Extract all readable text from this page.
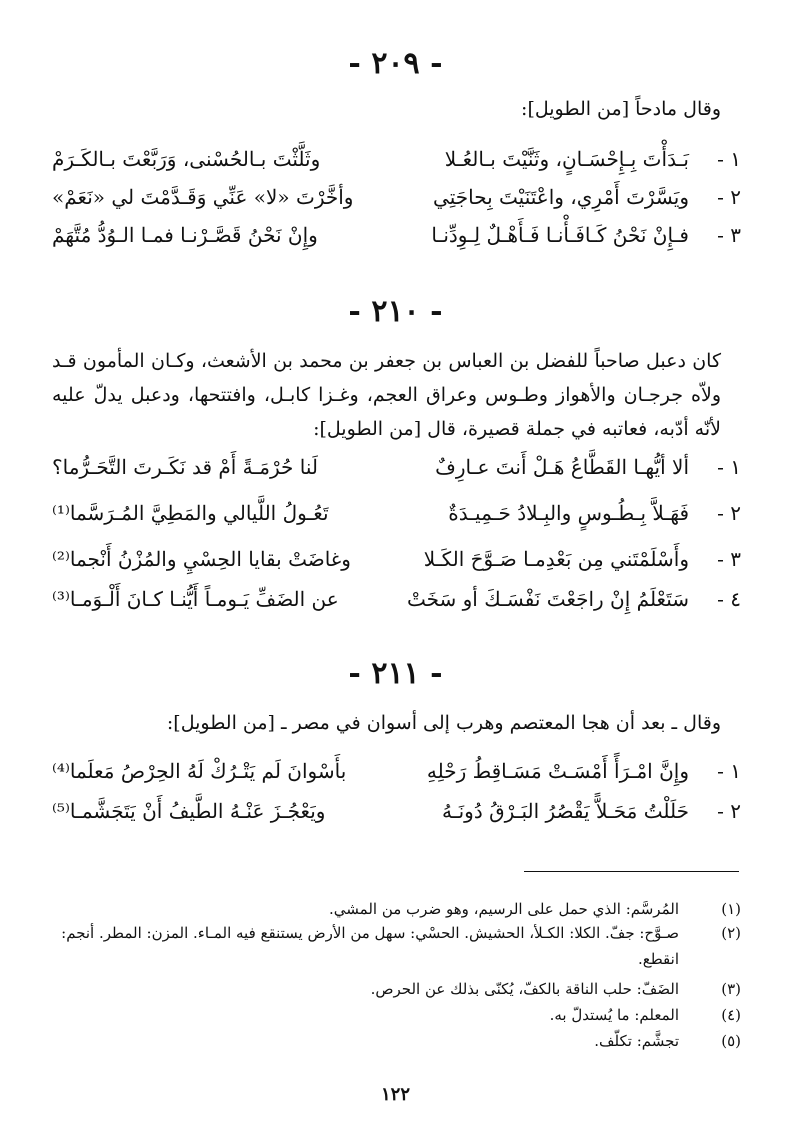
- ٢٠٩ -
وقال مادحاً [من الطويل]:
١ -
بَـدَأْتَ بِـإِحْسَـانٍ، وثَنَّيْتَ بـالعُـلا
وثَلَّثْتَ بـالحُسْنى، وَرَبَّعْتَ بـالكَـرَمْ
٢ -
ويَسَّرْتَ أَمْرِي، واعْتَنَيْتَ بِحاجَتِي
وأخَّرْتَ «لا» عَنِّي وَقَـدَّمْتَ لي «نَعَمْ»
٣ -
فـإِنْ نَحْنُ كَـافَـأْنـا فَـأَهْـلٌ لِـوِدِّنـا
وإِنْ نَحْنُ قَصَّـرْنـا فمـا الـوُدُّ مُتَّهَمْ
- ٢١٠ -
كان دعبل صاحباً للفضل بن العباس بن جعفر بن محمد بن الأشعث، وكـان المأمون قـد ولاّه جرجـان والأهواز وطـوس وعراق العجم، وغـزا كابـل، وافتتحها، ودعبل يدلّ عليه لأنّه أدّبه، فعاتبه في جملة قصيرة، قال [من الطويل]:
١ -
ألا أيُّهـا القَطَّاعُ هَـلْ أَنتَ عـارِفٌ
لَنا حُرْمَـةً أَمْ قد نَكَـرتَ التَّحَـرُّما؟
٢ -
فَهَـلاَّ بِـطُـوسٍ والبِـلادُ حَـمِيـدَةٌ
تَعُـولُ اللَّيالي والمَطِيَّ المُـرَسَّما⁽¹⁾
٣ -
وأَسْلَمْتَني مِن بَعْدِمـا صَـوَّحَ الكَـلا
وغاضَتْ بقايا الحِسْيِ والمُزْنُ أَنْجما⁽²⁾
٤ -
سَتَعْلَمُ إِنْ راجَعْتَ نَفْسَـكَ أو سَخَتْ
عن الضَفِّ يَـومـاً أَيُّنـا كـانَ أَلْـوَمـا⁽³⁾
- ٢١١ -
وقال ـ بعد أن هجا المعتصم وهرب إلى أسوان في مصر ـ [من الطويل]:
١ -
وإِنَّ امْـرَأً أَمْسَـتْ مَسَـاقِطُ رَحْلِهِ
بأَسْوانَ لَم يَتْـرُكْ لَهُ الحِرْصُ مَعلَما⁽⁴⁾
٢ -
حَلَلْتُ مَحَـلاًّ يَقْصُرُ البَـرْقُ دُونَـهُ
ويَعْجُـزَ عَنْـهُ الطَّيفُ أَنْ يَتَجَشَّمـا⁽⁵⁾
(١)
المُرسَّم: الذي حمل على الرسيم، وهو ضرب من المشي.
(٢)
صـوَّح: جفّ. الكلا: الكـلأ، الحشيش. الحسْي: سهل من الأرض يستنقع فيه المـاء. المزن: المطر. أنجم: انقطع.
(٣)
الضَفّ: حلب الناقة بالكفّ، يُكنّى بذلك عن الحرص.
(٤)
المعلم: ما يُستدلّ به.
(٥)
تجشَّم: تكلّف.
١٢٢
